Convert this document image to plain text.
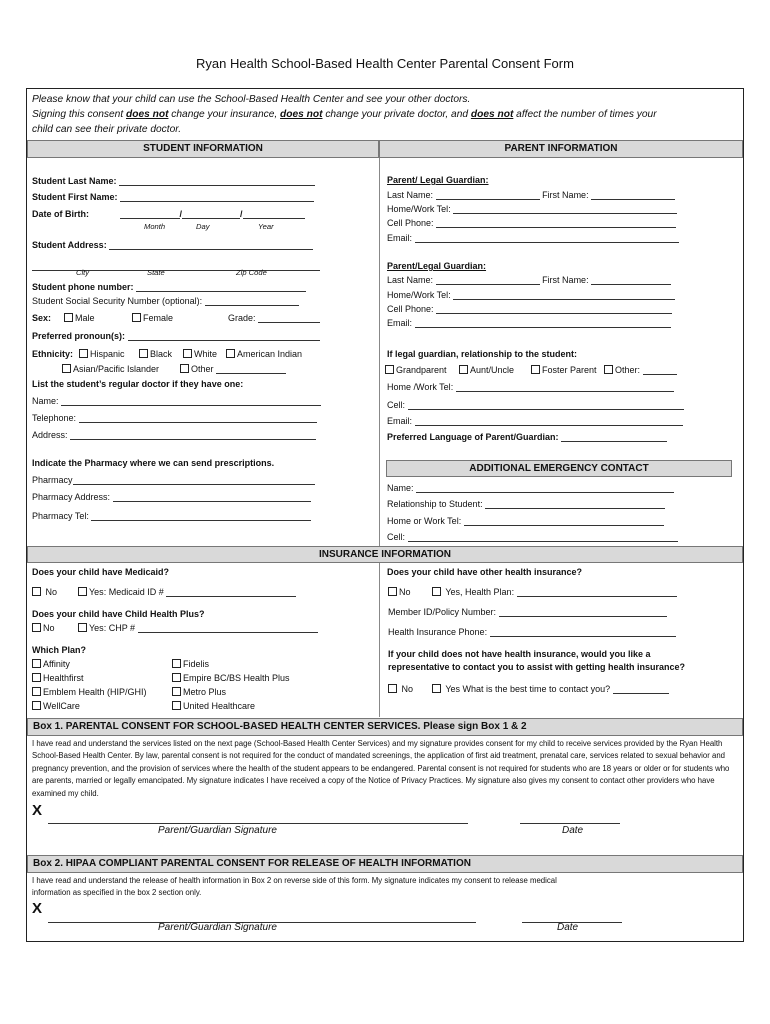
Ryan Health School-Based Health Center Parental Consent Form
Please know that your child can use the School-Based Health Center and see your other doctors.
Signing this consent does not change your insurance, does not change your private doctor, and does not affect the number of times your
child can see their private doctor.
STUDENT INFORMATION	PARENT INFORMATION
Student Last Name:
Student First Name:
Date of Birth:	/	/
Month	Day	Year
Student Address:
City	State	Zip Code
Student phone number:
Student Social Security Number (optional):
Sex:	Male	Female	Grade:
Preferred pronoun(s):
Ethnicity:	Hispanic	Black	White	American Indian
Asian/Pacific Islander	Other
List the student’s regular doctor if they have one:
Name:
Telephone:
Address:
Indicate the Pharmacy where we can send prescriptions.
Pharmacy
Pharmacy Address:
Pharmacy Tel:
Parent/ Legal Guardian:
Last Name:	First Name:
Home/Work Tel:
Cell Phone:
Email:
Parent/Legal Guardian:
Last Name:	First Name:
Home/Work Tel:
Cell Phone:
Email:
If legal guardian, relationship to the student:
Grandparent	Aunt/Uncle	Foster Parent	Other:
Home /Work Tel:
Cell:
Email:
Preferred Language of Parent/Guardian:
ADDITIONAL EMERGENCY CONTACT
Name:
Relationship to Student:
Home or Work Tel:
Cell:
INSURANCE INFORMATION
Does your child have Medicaid?
No	Yes: Medicaid ID #
Does your child have Child Health Plus?
No	Yes: CHP #
Which Plan?
Affinity
Healthfirst
Emblem Health (HIP/GHI)
WellCare
Fidelis
Empire BC/BS Health Plus
Metro Plus
United Healthcare
Does your child have other health insurance?
No	Yes, Health Plan:
Member ID/Policy Number:
Health Insurance Phone:
If your child does not have health insurance, would you like a
representative to contact you to assist with getting health insurance?
No	Yes What is the best time to contact you?
Box 1. PARENTAL CONSENT FOR SCHOOL-BASED HEALTH CENTER SERVICES. Please sign Box 1 & 2
I have read and understand the services listed on the next page (School-Based Health Center Services) and my signature provides consent for my child to receive services provided by the Ryan Health School-Based Health Center. By law, parental consent is not required for the conduct of mandated screenings, the application of first aid treatment, prenatal care, services related to sexual behavior and pregnancy prevention, and the provision of services where the health of the student appears to be endangered. Parental consent is not required for students who are 18 years or older or for students who are parents, married or legally emancipated. My signature indicates I have received a copy of the Notice of Privacy Practices. My signature also gives my consent to contact other providers who have examined my child.
X
Parent/Guardian Signature	Date
Box 2. HIPAA COMPLIANT PARENTAL CONSENT FOR RELEASE OF HEALTH INFORMATION
I have read and understand the release of health information in Box 2 on reverse side of this form. My signature indicates my consent to release medical information as specified in the box 2 section only.
X
Parent/Guardian Signature	Date
